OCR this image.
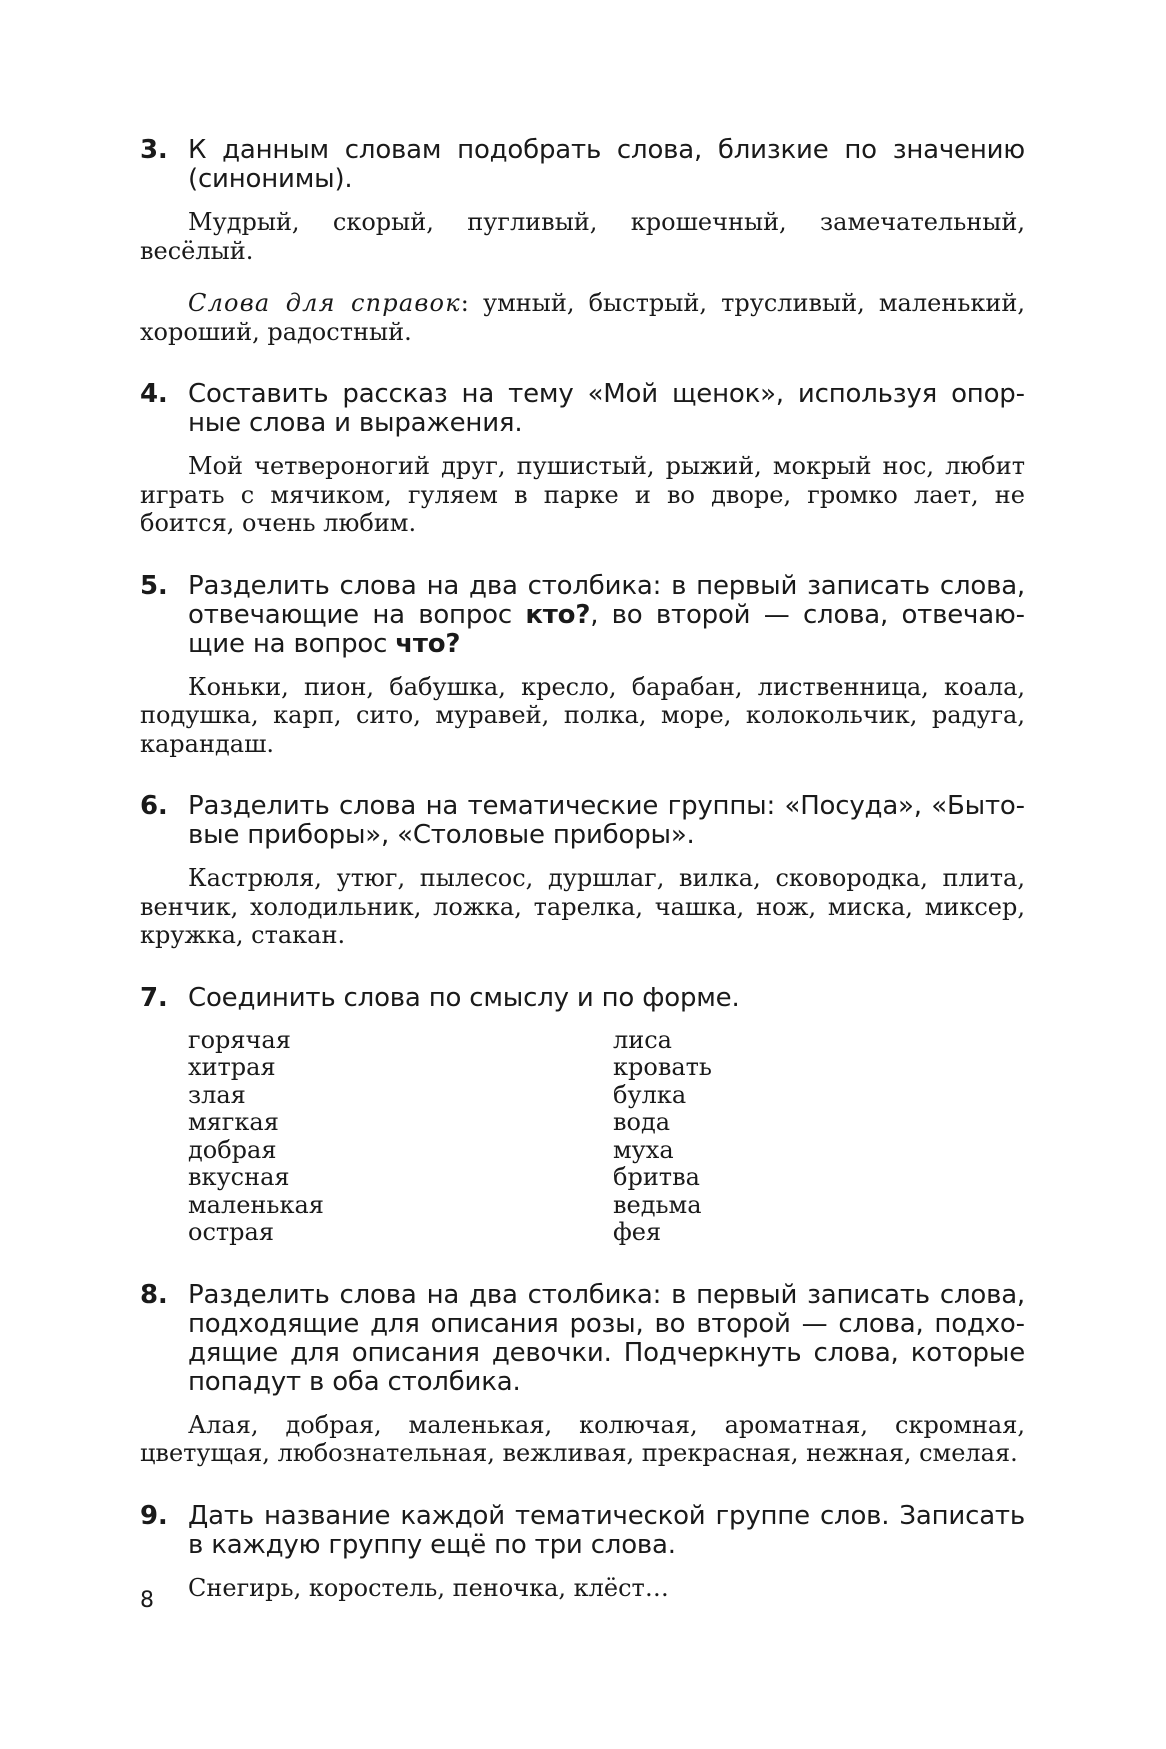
3. К данным словам подобрать слова, близкие по значению (синонимы).

Мудрый, скорый, пугливый, крошечный, замечательный, весёлый.

Слова для справок: умный, быстрый, трусливый, маленький, хороший, радостный.

4. Составить рассказ на тему «Мой щенок», используя опорные слова и выражения.

Мой четвероногий друг, пушистый, рыжий, мокрый нос, любит играть с мячиком, гуляем в парке и во дворе, громко лает, не боится, очень любим.

5. Разделить слова на два столбика: в первый записать слова, отвечающие на вопрос кто?, во второй — слова, отвечающие на вопрос что?

Коньки, пион, бабушка, кресло, барабан, лиственница, коала, подушка, карп, сито, муравей, полка, море, колокольчик, радуга, карандаш.

6. Разделить слова на тематические группы: «Посуда», «Бытовые приборы», «Столовые приборы».

Кастрюля, утюг, пылесос, дуршлаг, вилка, сковородка, плита, венчик, холодильник, ложка, тарелка, чашка, нож, миска, миксер, кружка, стакан.

7. Соединить слова по смыслу и по форме.
горячая
хитрая
злая
мягкая
добрая
вкусная
маленькая
острая
лиса
кровать
булка
вода
муха
бритва
ведьма
фея
8. Разделить слова на два столбика: в первый записать слова, подходящие для описания розы, во второй — слова, подходящие для описания девочки. Подчеркнуть слова, которые попадут в оба столбика.

Алая, добрая, маленькая, колючая, ароматная, скромная, цветущая, любознательная, вежливая, прекрасная, нежная, смелая.

9. Дать название каждой тематической группе слов. Записать в каждую группу ещё по три слова.

Снегирь, коростель, пеночка, клёст…

8
